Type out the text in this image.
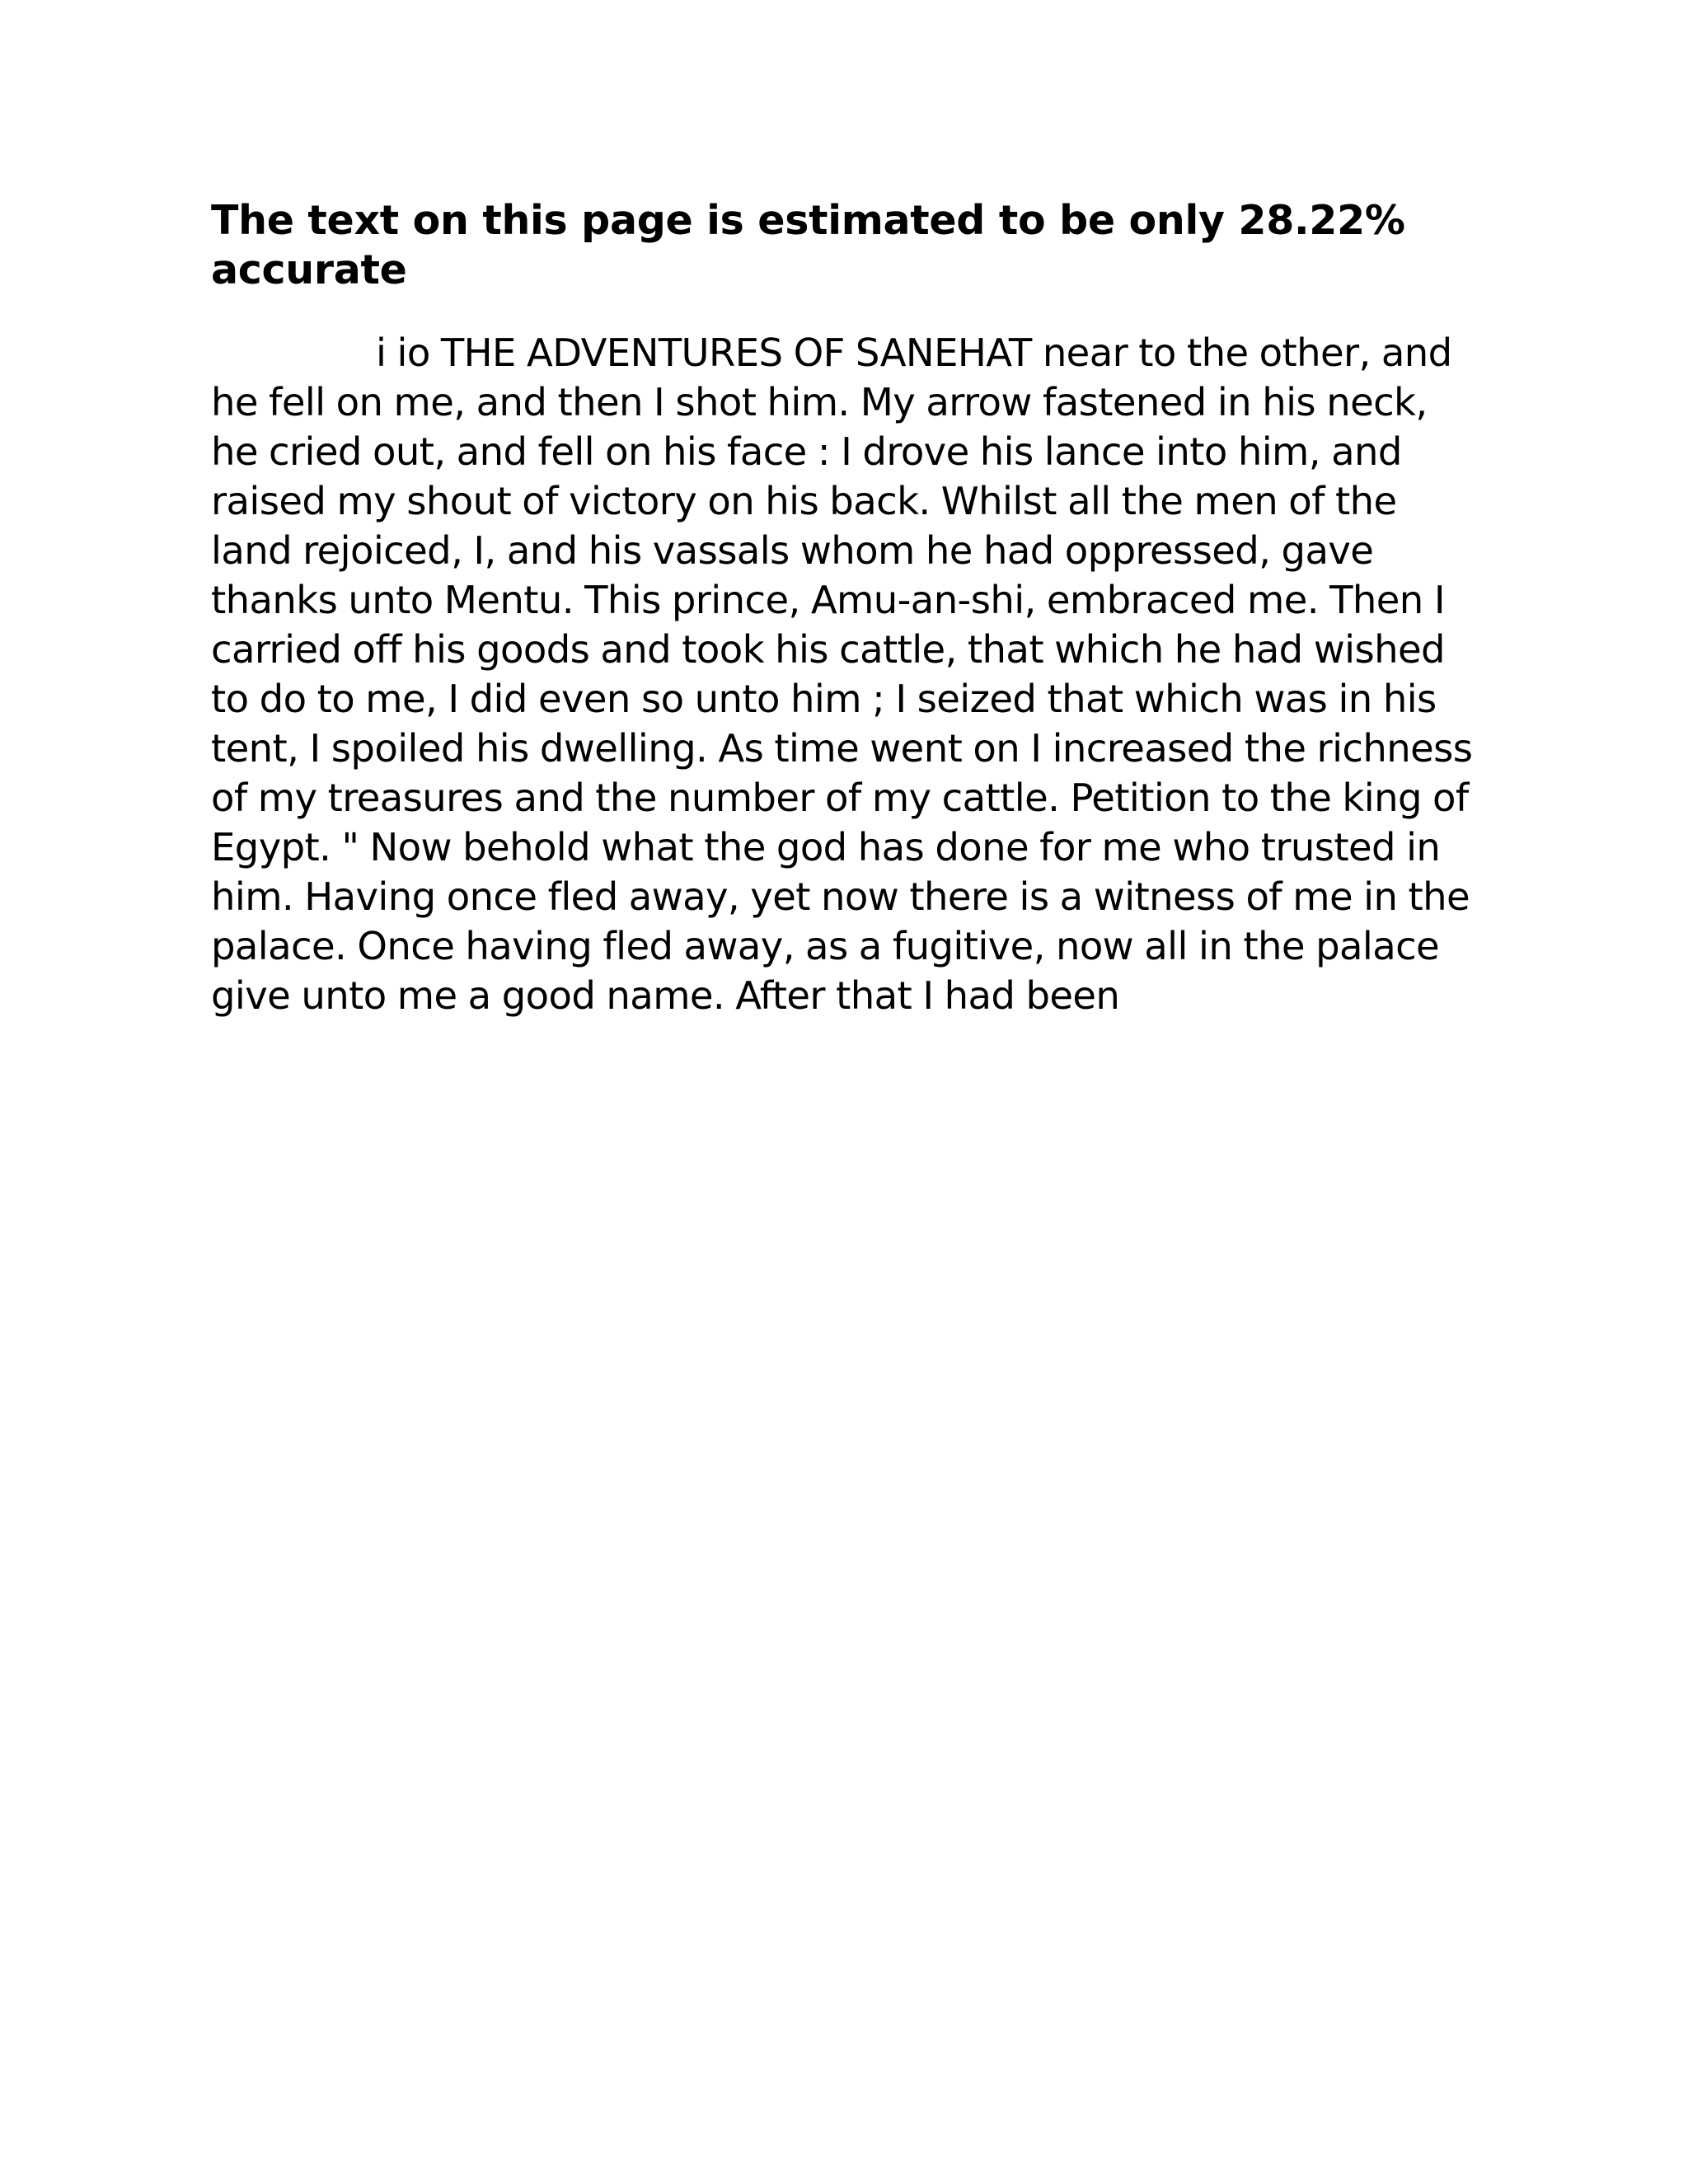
The text on this page is estimated to be only 28.22% accurate

i io THE ADVENTURES OF SANEHAT near to the other, and he fell on me, and then I shot him. My arrow fastened in his neck, he cried out, and fell on his face : I drove his lance into him, and raised my shout of victory on his back. Whilst all the men of the land rejoiced, I, and his vassals whom he had oppressed, gave thanks unto Mentu. This prince, Amu-an-shi, embraced me. Then I carried off his goods and took his cattle, that which he had wished to do to me, I did even so unto him ; I seized that which was in his tent, I spoiled his dwelling. As time went on I increased the richness of my treasures and the number of my cattle. Petition to the king of Egypt. " Now behold what the god has done for me who trusted in him. Having once fled away, yet now there is a witness of me in the palace. Once having fled away, as a fugitive, now all in the palace give unto me a good name. After that I had been
